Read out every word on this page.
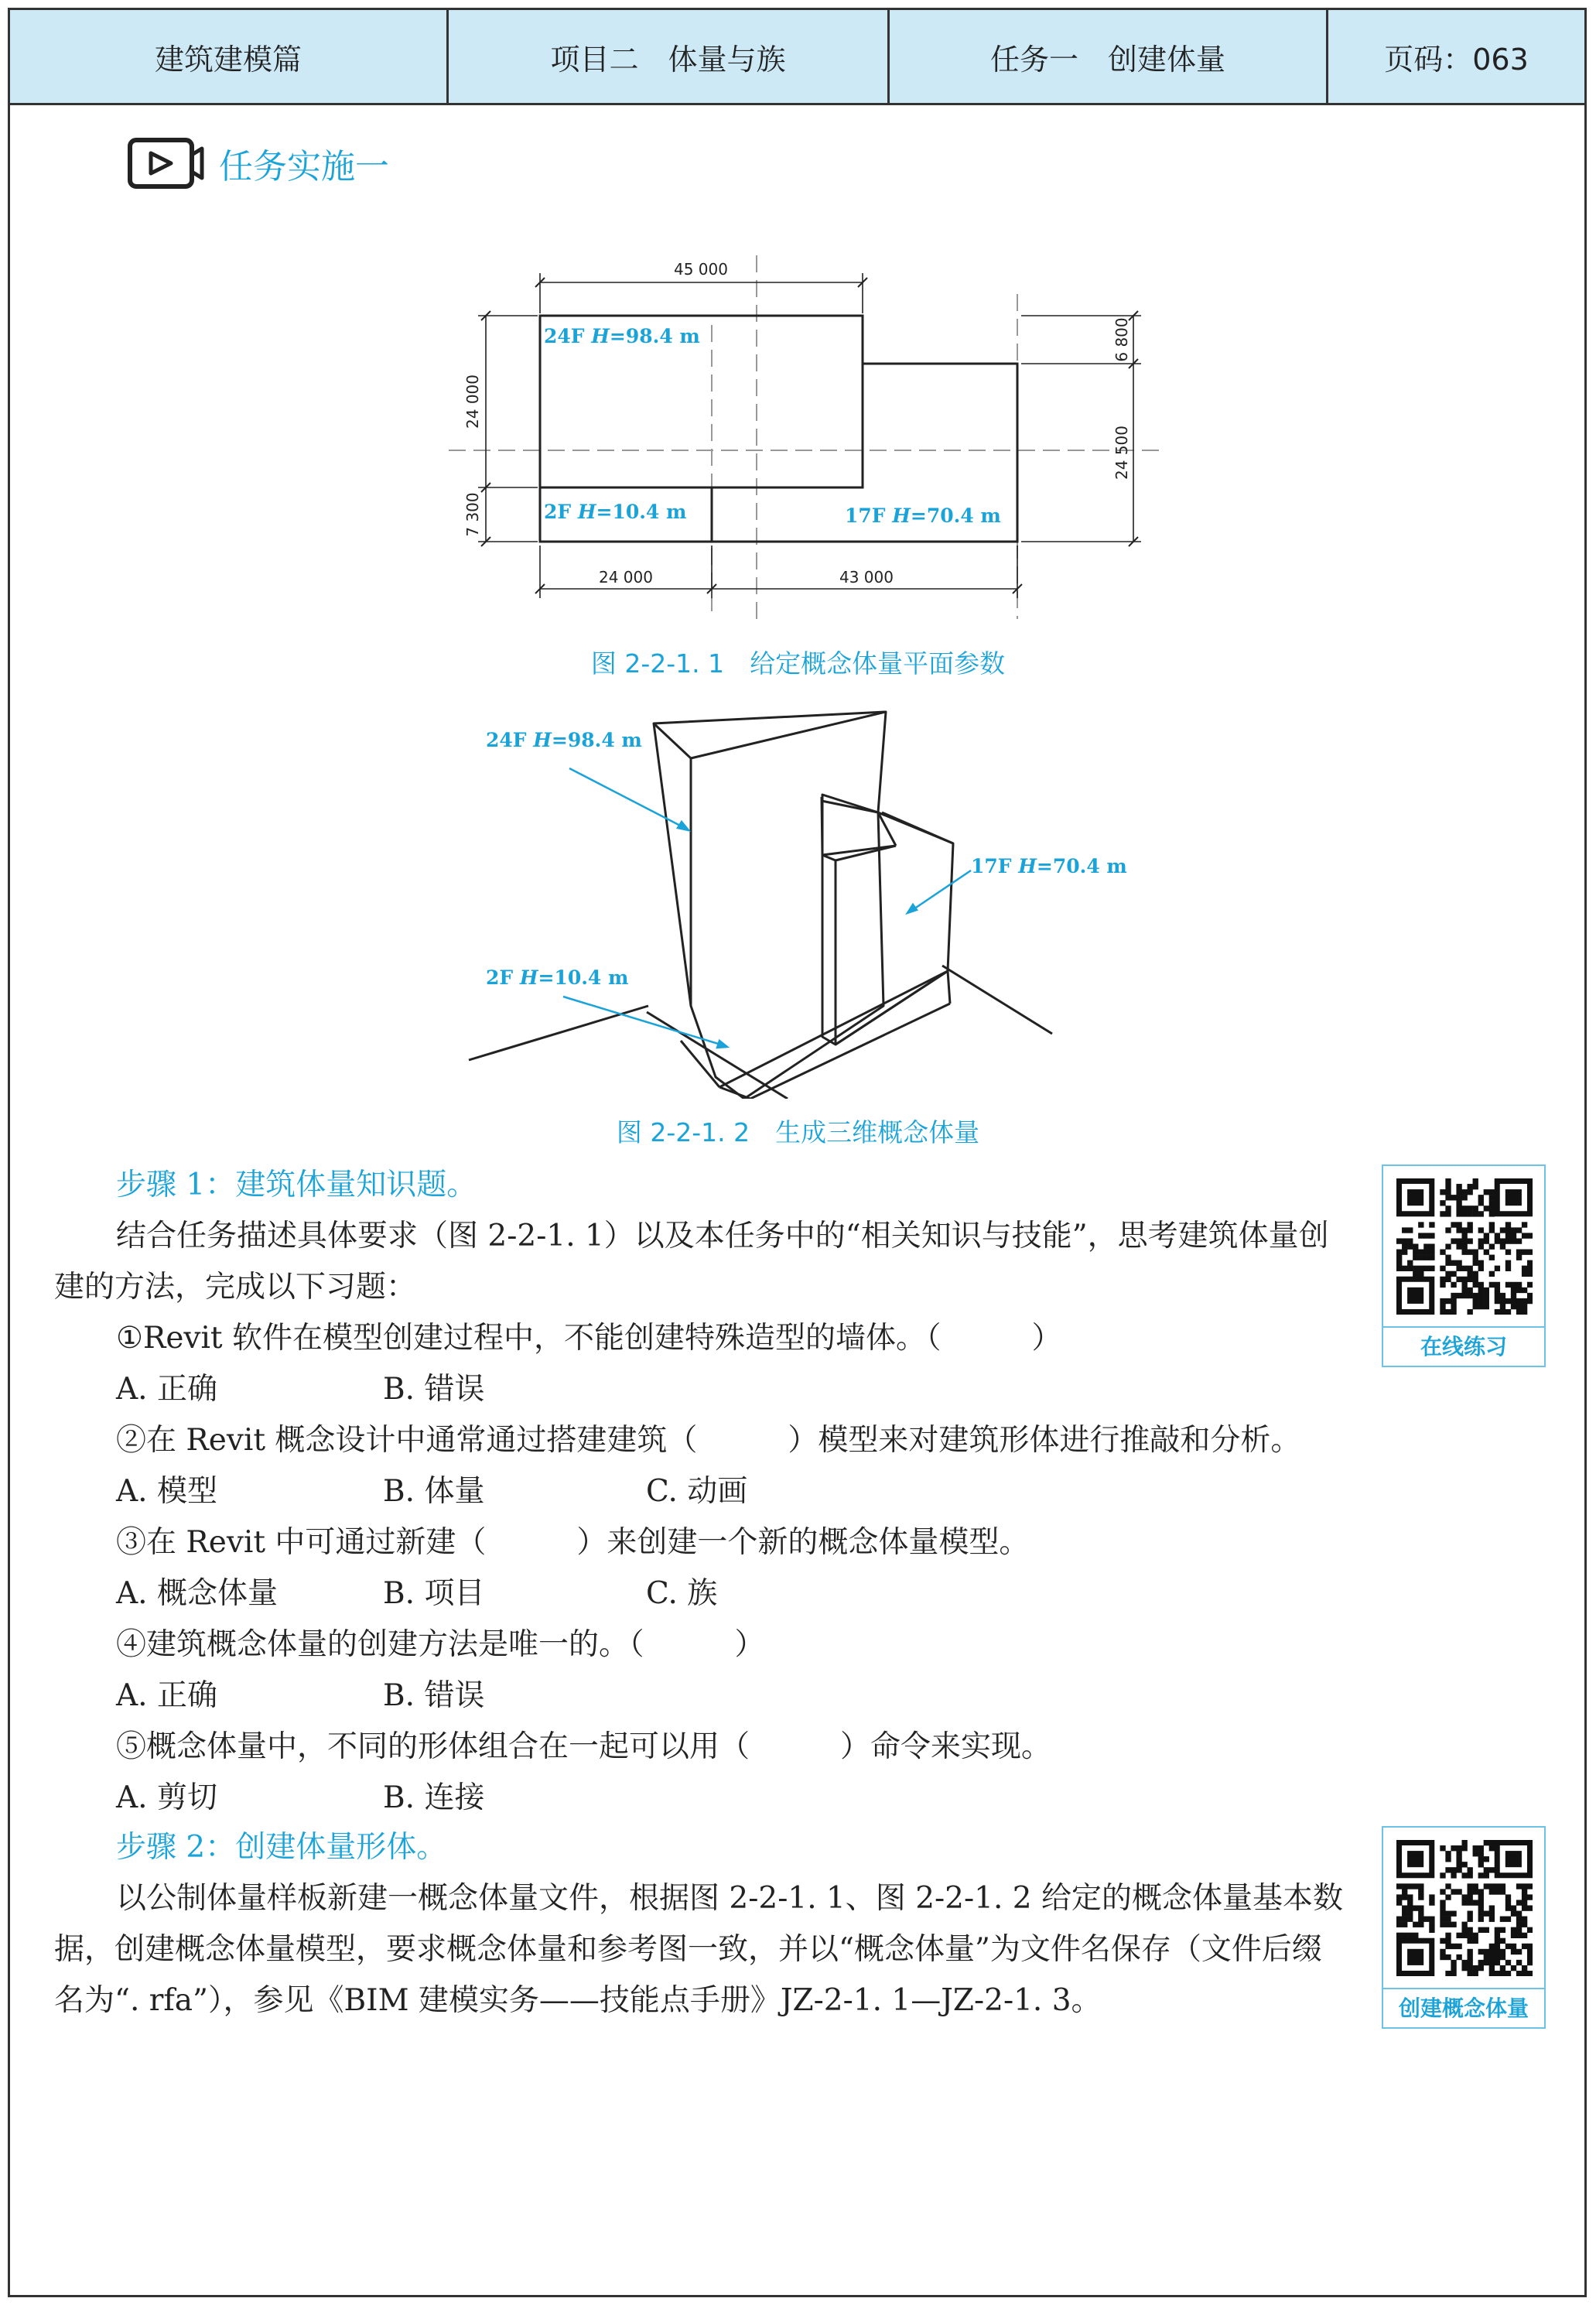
建筑建模篇	项目二　体量与族	任务一　创建体量	页码：063
任务实施一
45 000
24 000
7 300
24 000	43 000
6 800
24 500
24F H=98.4 m
2F H=10.4 m	17F H=70.4 m
图 2-2-1. 1　给定概念体量平面参数
24F H=98.4 m
17F H=70.4 m
2F H=10.4 m
图 2-2-1. 2　生成三维概念体量
步骤 1：建筑体量知识题。
结合任务描述具体要求（图 2-2-1. 1）以及本任务中的“相关知识与技能”，思考建筑体量创
建的方法，完成以下习题：
①Revit 软件在模型创建过程中，不能创建特殊造型的墙体。（　　　）
A. 正确	B. 错误
②在 Revit 概念设计中通常通过搭建建筑（　　　）模型来对建筑形体进行推敲和分析。
A. 模型	B. 体量	C. 动画
③在 Revit 中可通过新建（　　　）来创建一个新的概念体量模型。
A. 概念体量	B. 项目	C. 族
④建筑概念体量的创建方法是唯一的。（　　　）
A. 正确	B. 错误
⑤概念体量中，不同的形体组合在一起可以用（　　　）命令来实现。
A. 剪切	B. 连接
步骤 2：创建体量形体。
以公制体量样板新建一概念体量文件，根据图 2-2-1. 1、图 2-2-1. 2 给定的概念体量基本数
据，创建概念体量模型，要求概念体量和参考图一致，并以“概念体量”为文件名保存（文件后缀
名为“. rfa”），参见《BIM 建模实务——技能点手册》JZ-2-1. 1—JZ-2-1. 3。
在线练习
创建概念体量
